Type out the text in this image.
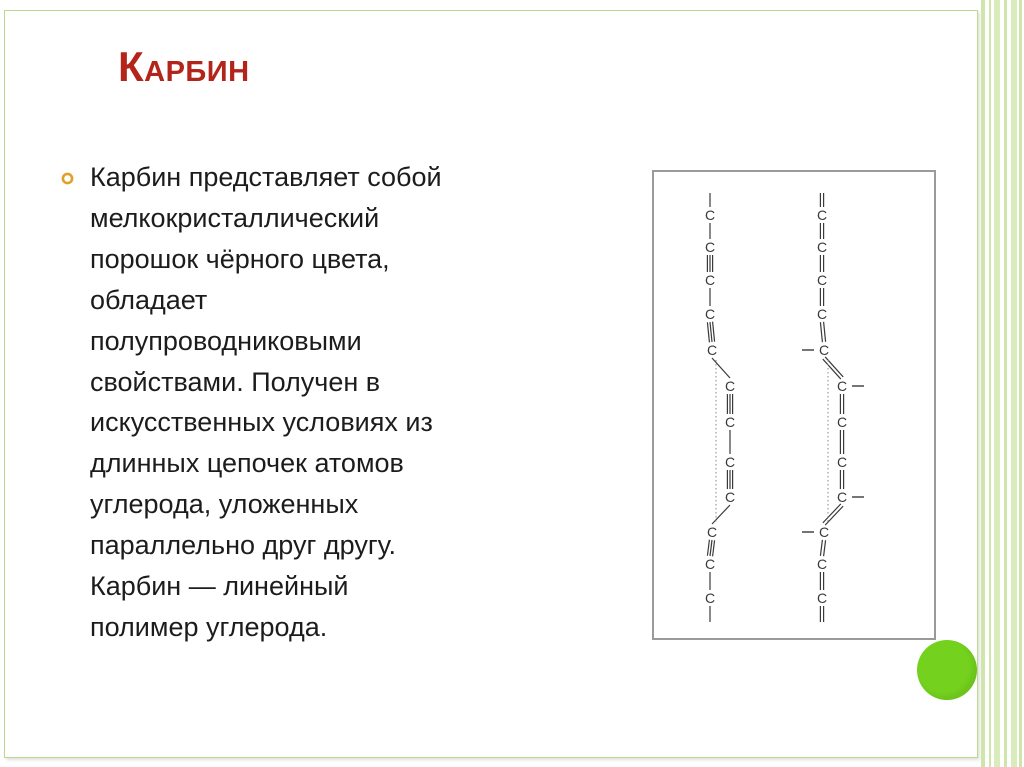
Карбин

Карбин представляет собой
мелкокристаллический
порошок чёрного цвета,
обладает
полупроводниковыми
свойствами. Получен в
искусственных условиях из
длинных цепочек атомов
углерода, уложенных
параллельно друг другу.
Карбин — линейный
полимер углерода.

C
C
C
C
C
C
C
C
C
C
C
C
C
C
C
C
C
C
C
C
C
C
C
C
